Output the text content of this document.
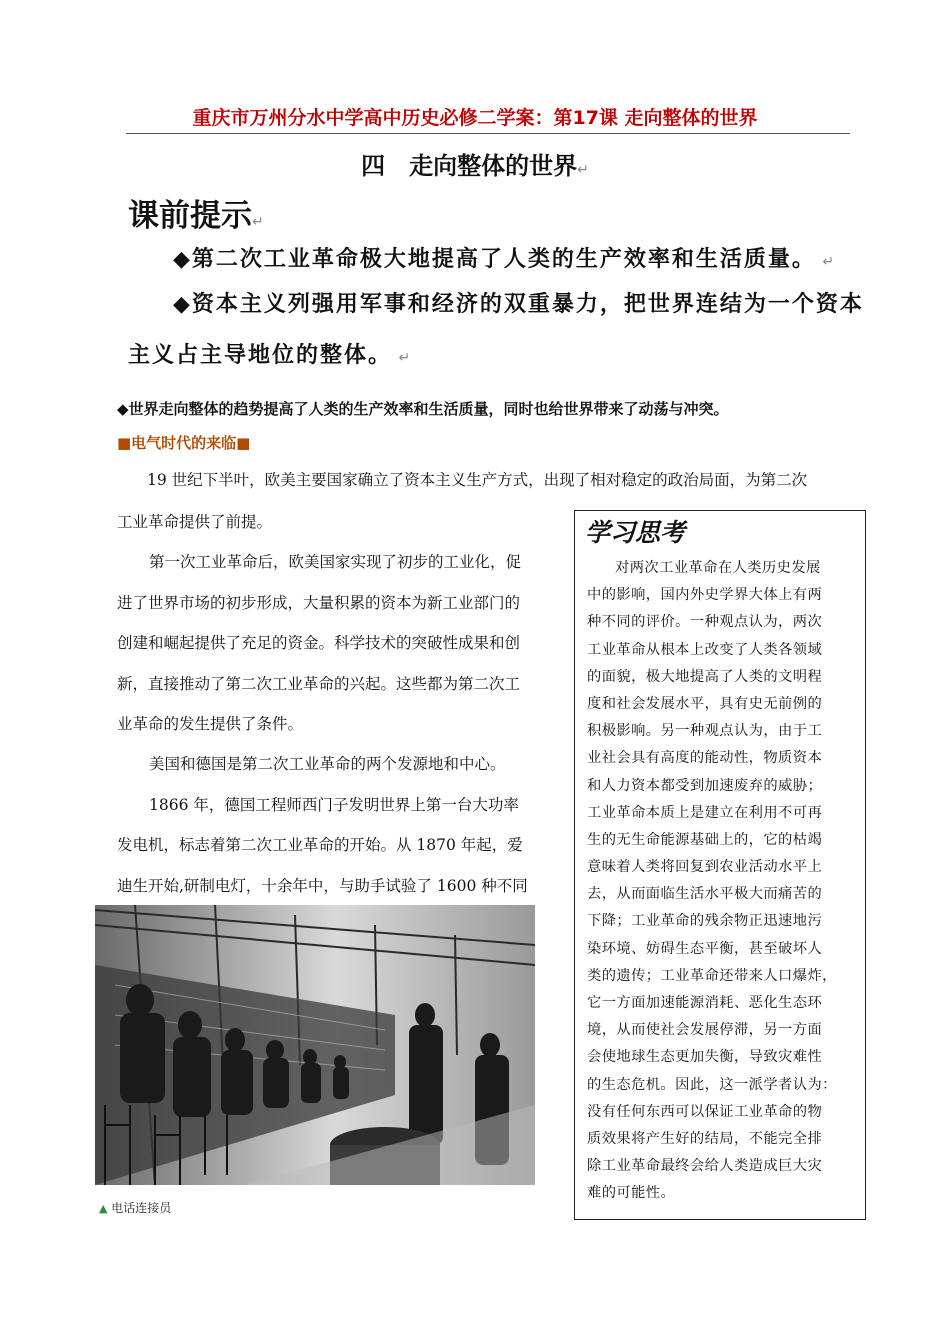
重庆市万州分水中学高中历史必修二学案：第17课 走向整体的世界
四　走向整体的世界↵
课前提示↵
◆第二次工业革命极大地提高了人类的生产效率和生活质量。 ↵
◆资本主义列强用军事和经济的双重暴力，把世界连结为一个资本
主义占主导地位的整体。 ↵
◆世界走向整体的趋势提高了人类的生产效率和生活质量，同时也给世界带来了动荡与冲突。
■电气时代的来临■
19 世纪下半叶，欧美主要国家确立了资本主义生产方式，出现了相对稳定的政治局面，为第二次
工业革命提供了前提。
第一次工业革命后，欧美国家实现了初步的工业化，促
进了世界市场的初步形成，大量积累的资本为新工业部门的
创建和崛起提供了充足的资金。科学技术的突破性成果和创
新，直接推动了第二次工业革命的兴起。这些都为第二次工
业革命的发生提供了条件。
美国和德国是第二次工业革命的两个发源地和中心。
1866 年，德国工程师西门子发明世界上第一台大功率
发电机，标志着第二次工业革命的开始。从 1870 年起，爱
迪生开始,研制电灯，十余年中，与助手试验了 1600 种不同
学习思考
对两次工业革命在人类历史发展
中的影响，国内外史学界大体上有两
种不同的评价。一种观点认为，两次
工业革命从根本上改变了人类各领域
的面貌，极大地提高了人类的文明程
度和社会发展水平，具有史无前例的
积极影响。另一种观点认为，由于工
业社会具有高度的能动性，物质资本
和人力资本都受到加速废弃的威胁；
工业革命本质上是建立在利用不可再
生的无生命能源基础上的，它的枯竭
意味着人类将回复到农业活动水平上
去，从而面临生活水平极大而痛苦的
下降；工业革命的残余物正迅速地污
染环境、妨碍生态平衡，甚至破坏人
类的遗传；工业革命还带来人口爆炸，
它一方面加速能源消耗、恶化生态环
境，从而使社会发展停滞，另一方面
会使地球生态更加失衡，导致灾难性
的生态危机。因此，这一派学者认为：
没有任何东西可以保证工业革命的物
质效果将产生好的结局，不能完全排
除工业革命最终会给人类造成巨大灾
难的可能性。
▲ 电话连接员
